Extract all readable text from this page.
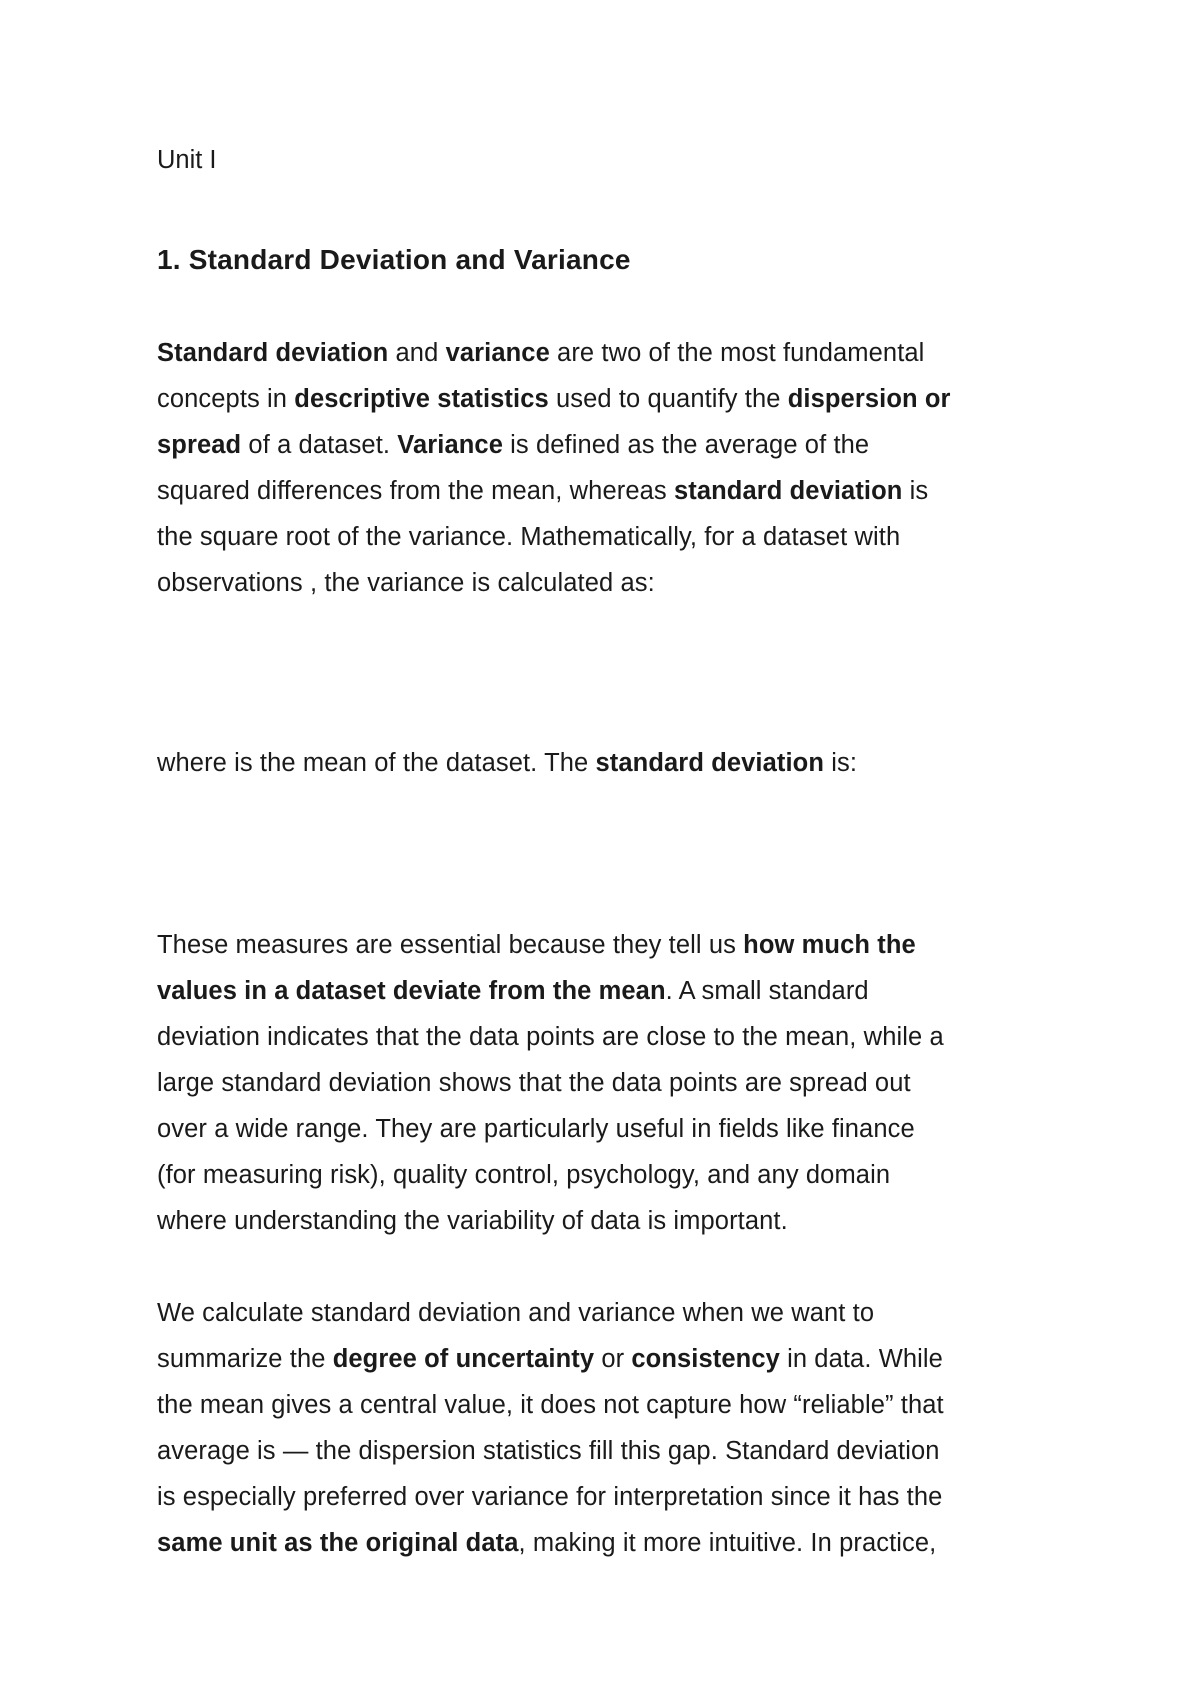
Unit I
1. Standard Deviation and Variance
Standard deviation and variance are two of the most fundamental
concepts in descriptive statistics used to quantify the dispersion or
spread of a dataset. Variance is defined as the average of the
squared differences from the mean, whereas standard deviation is
the square root of the variance. Mathematically, for a dataset with
observations , the variance is calculated as:
where is the mean of the dataset. The standard deviation is:
These measures are essential because they tell us how much the
values in a dataset deviate from the mean. A small standard
deviation indicates that the data points are close to the mean, while a
large standard deviation shows that the data points are spread out
over a wide range. They are particularly useful in fields like finance
(for measuring risk), quality control, psychology, and any domain
where understanding the variability of data is important.
We calculate standard deviation and variance when we want to
summarize the degree of uncertainty or consistency in data. While
the mean gives a central value, it does not capture how “reliable” that
average is — the dispersion statistics fill this gap. Standard deviation
is especially preferred over variance for interpretation since it has the
same unit as the original data, making it more intuitive. In practice,
